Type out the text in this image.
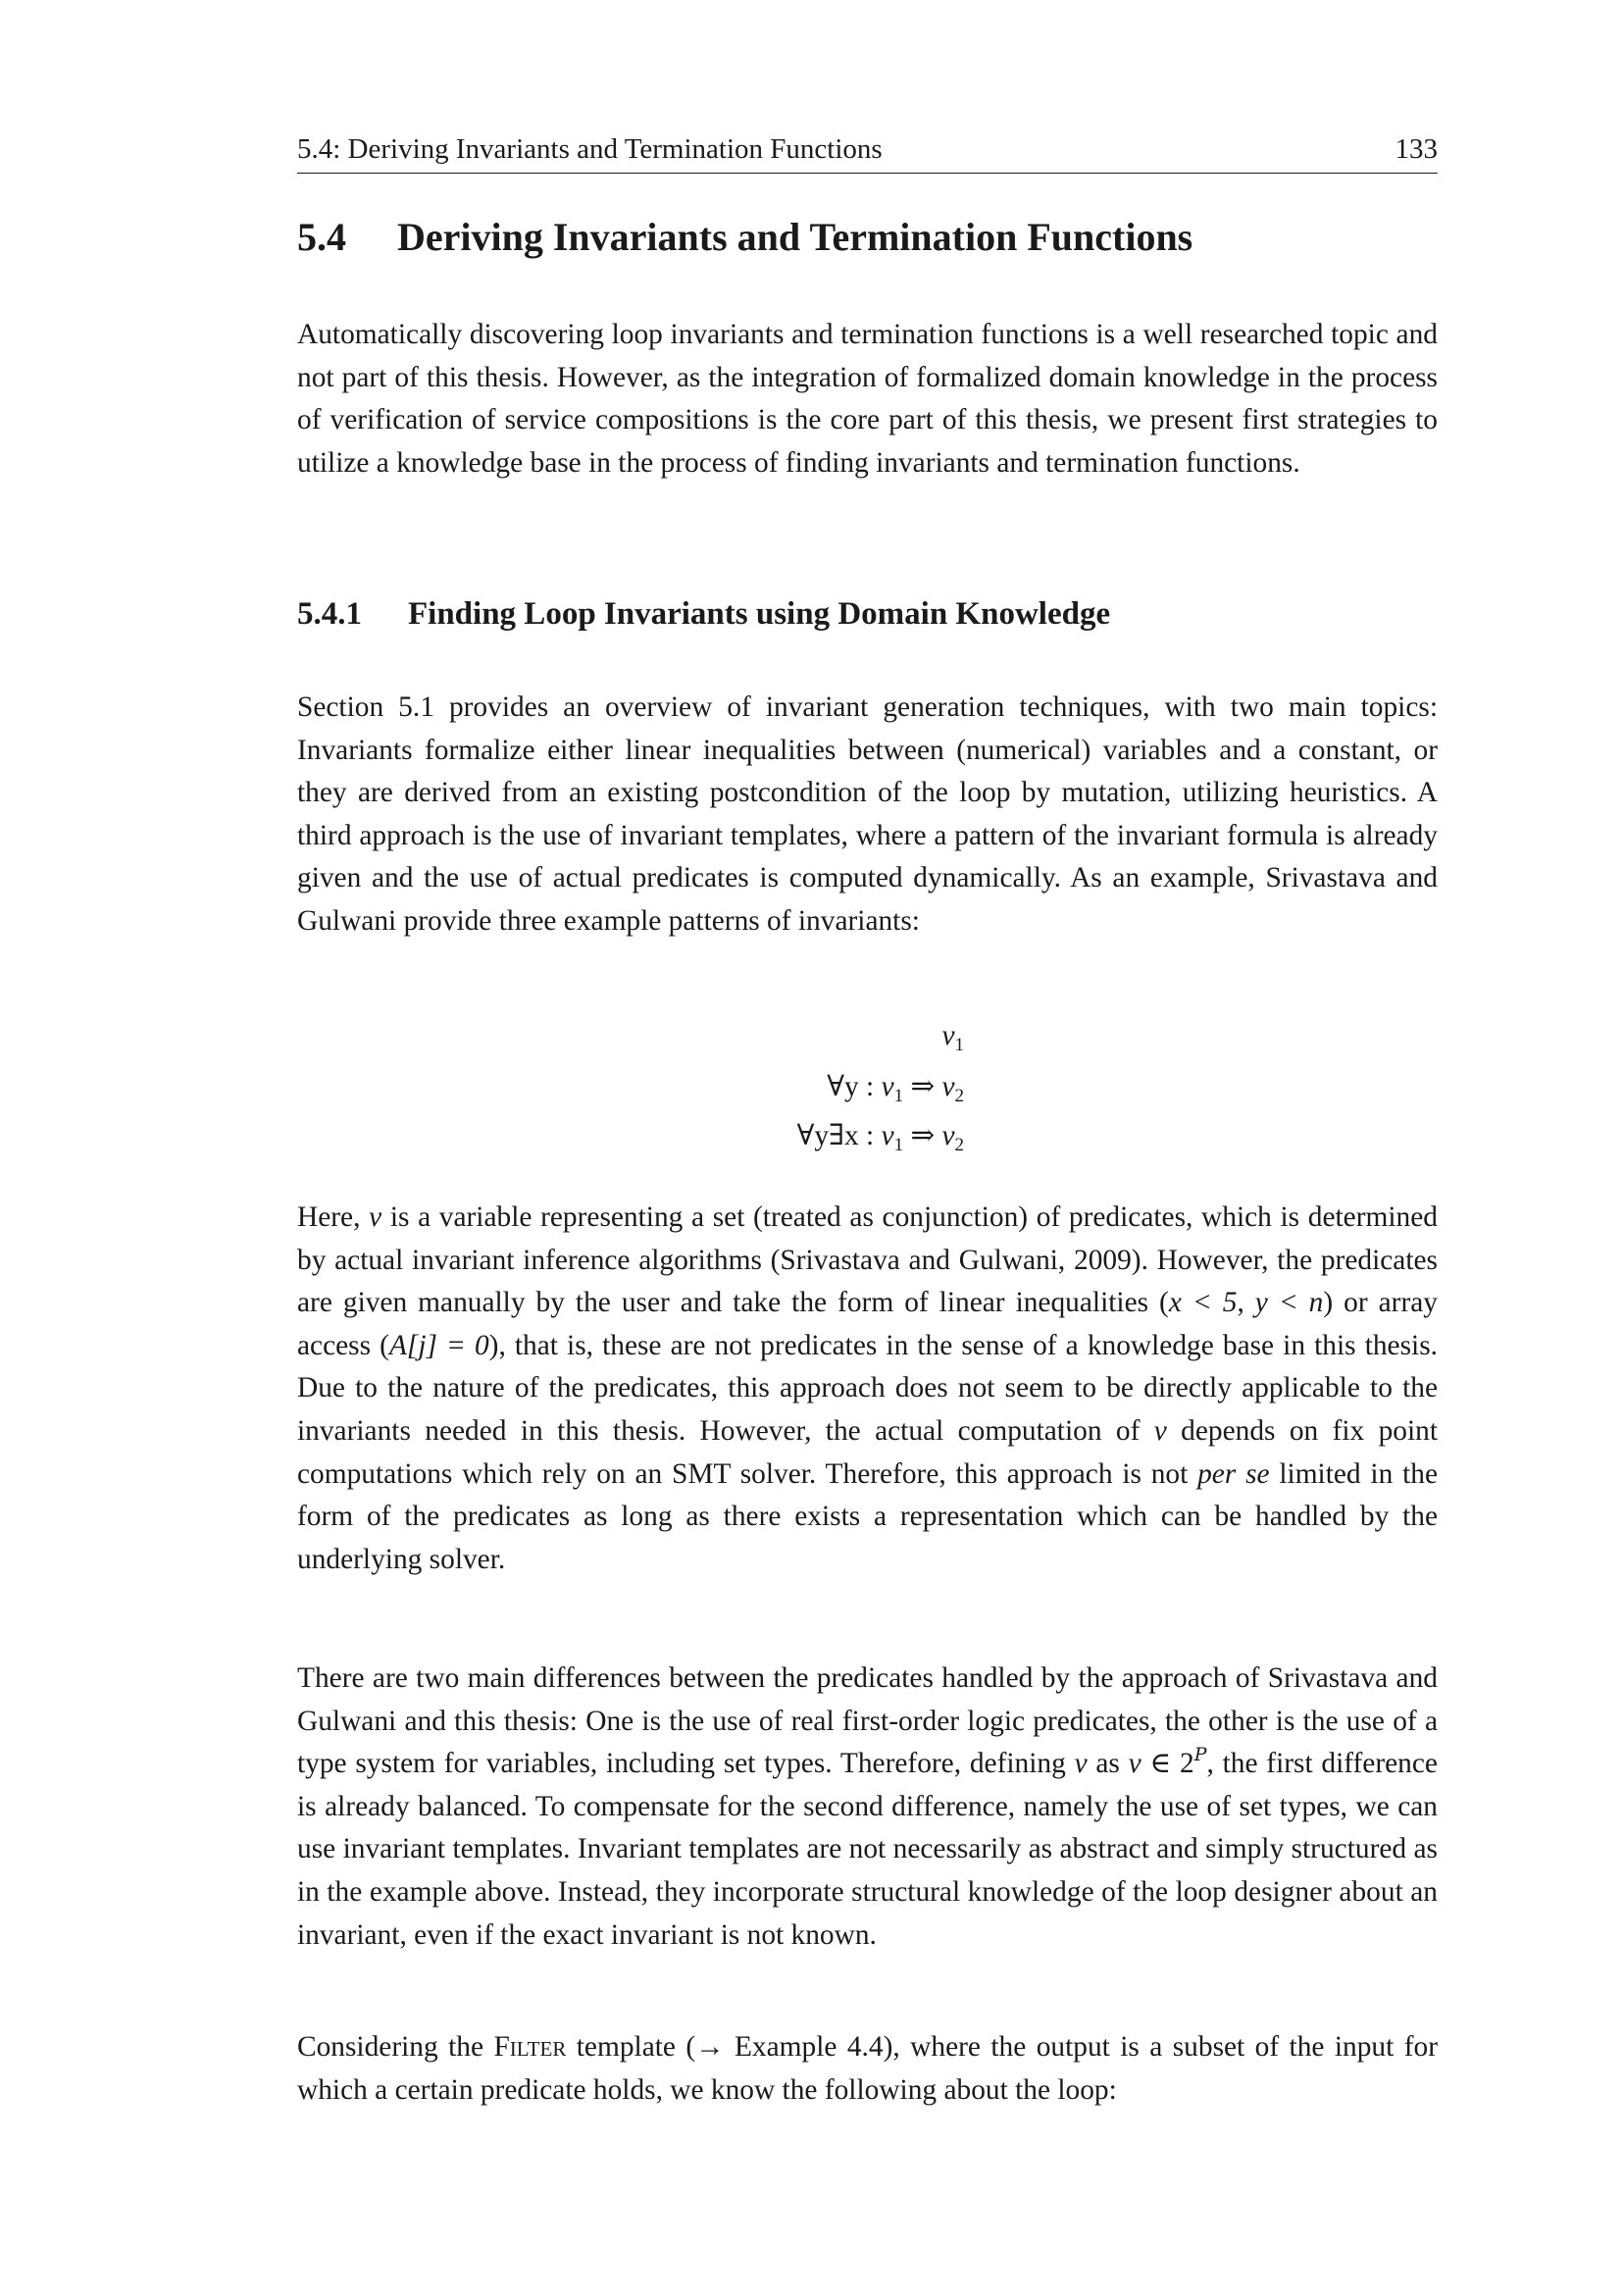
5.4: Deriving Invariants and Termination Functions	133
5.4 Deriving Invariants and Termination Functions

Automatically discovering loop invariants and termination functions is a well researched topic and not part of this thesis. However, as the integration of formalized domain knowledge in the process of verification of service compositions is the core part of this thesis, we present first strategies to utilize a knowledge base in the process of finding invariants and termination functions.

5.4.1 Finding Loop Invariants using Domain Knowledge

Section 5.1 provides an overview of invariant generation techniques, with two main topics: Invariants formalize either linear inequalities between (numerical) variables and a constant, or they are derived from an existing postcondition of the loop by mutation, utilizing heuristics. A third approach is the use of invariant templates, where a pattern of the invariant formula is already given and the use of actual predicates is computed dynamically. As an example, Srivastava and Gulwani provide three example patterns of invariants:

$\nu_1$
∀y : $\nu_1$ ⇒ $\nu_2$
∀y∃x : $\nu_1$ ⇒ $\nu_2$

Here, ν is a variable representing a set (treated as conjunction) of predicates, which is determined by actual invariant inference algorithms (Srivastava and Gulwani, 2009). However, the predicates are given manually by the user and take the form of linear inequalities (x < 5, y < n) or array access (A[j] = 0), that is, these are not predicates in the sense of a knowledge base in this thesis. Due to the nature of the predicates, this approach does not seem to be directly applicable to the invariants needed in this thesis. However, the actual computation of ν depends on fix point computations which rely on an SMT solver. Therefore, this approach is not per se limited in the form of the predicates as long as there exists a representation which can be handled by the underlying solver.

There are two main differences between the predicates handled by the approach of Srivastava and Gulwani and this thesis: One is the use of real first-order logic predicates, the other is the use of a type system for variables, including set types. Therefore, defining ν as ν ∈ $2^P$, the first difference is already balanced. To compensate for the second difference, namely the use of set types, we can use invariant templates. Invariant templates are not necessarily as abstract and simply structured as in the example above. Instead, they incorporate structural knowledge of the loop designer about an invariant, even if the exact invariant is not known.

Considering the Filter template (→ Example 4.4), where the output is a subset of the input for which a certain predicate holds, we know the following about the loop:
